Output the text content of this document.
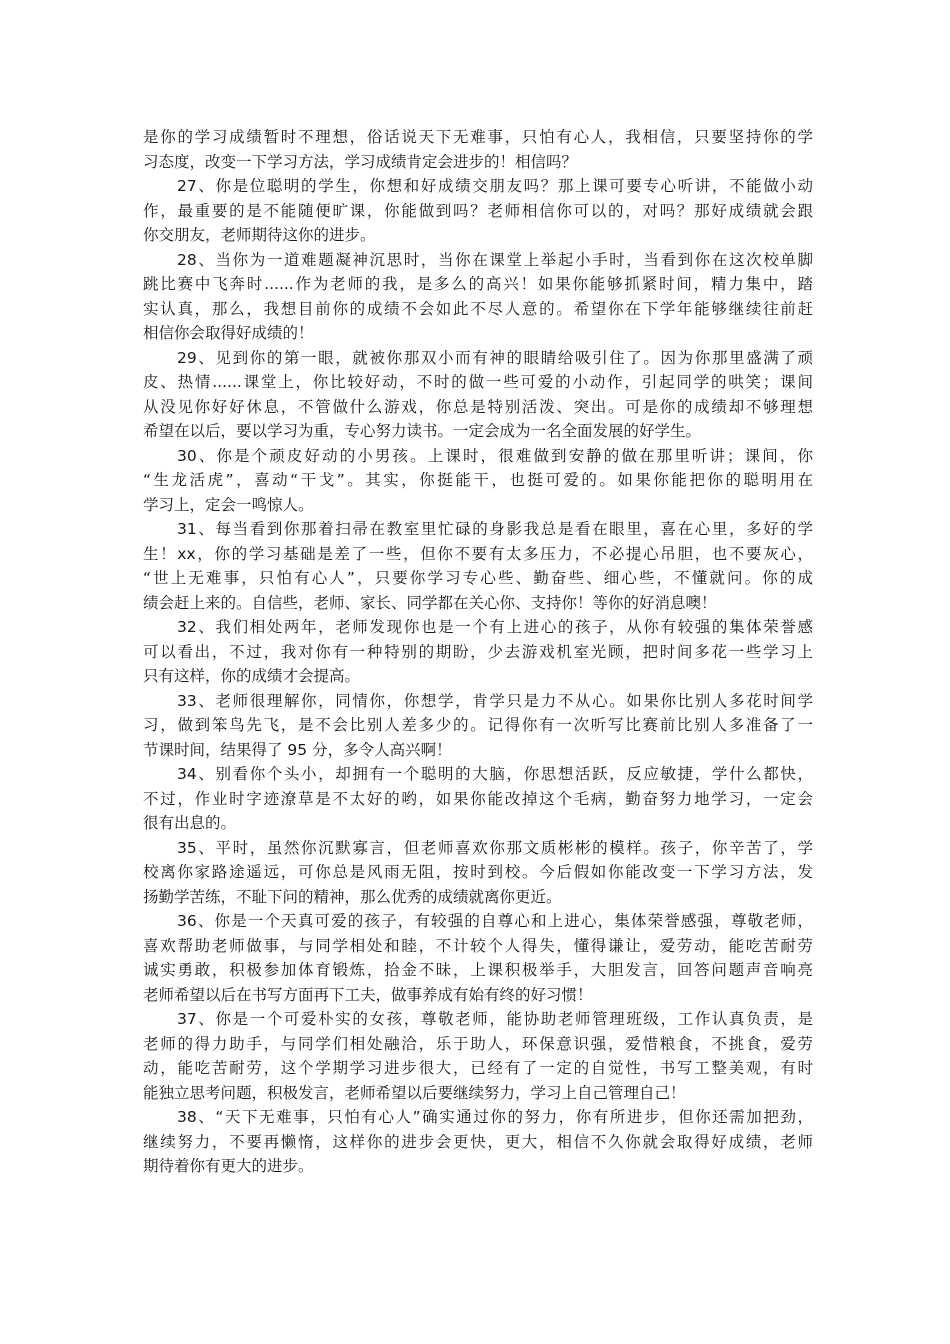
是你的学习成绩暂时不理想，俗话说天下无难事，只怕有心人，我相信，只要坚持你的学
习态度，改变一下学习方法，学习成绩肯定会进步的！相信吗？
27、你是位聪明的学生，你想和好成绩交朋友吗？那上课可要专心听讲，不能做小动
作，最重要的是不能随便旷课，你能做到吗？老师相信你可以的，对吗？那好成绩就会跟
你交朋友，老师期待这你的进步。
28、当你为一道难题凝神沉思时，当你在课堂上举起小手时，当看到你在这次校单脚
跳比赛中飞奔时......作为老师的我，是多么的高兴！如果你能够抓紧时间，精力集中，踏
实认真，那么，我想目前你的成绩不会如此不尽人意的。希望你在下学年能够继续往前赶
相信你会取得好成绩的！
29、见到你的第一眼，就被你那双小而有神的眼睛给吸引住了。因为你那里盛满了顽
皮、热情......课堂上，你比较好动，不时的做一些可爱的小动作，引起同学的哄笑；课间
从没见你好好休息，不管做什么游戏，你总是特别活泼、突出。可是你的成绩却不够理想
希望在以后，要以学习为重，专心努力读书。一定会成为一名全面发展的好学生。
30、你是个顽皮好动的小男孩。上课时，很难做到安静的做在那里听讲；课间，你
“生龙活虎”，喜动“干戈”。其实，你挺能干，也挺可爱的。如果你能把你的聪明用在
学习上，定会一鸣惊人。
31、每当看到你那着扫帚在教室里忙碌的身影我总是看在眼里，喜在心里，多好的学
生！xx，你的学习基础是差了一些，但你不要有太多压力，不必提心吊胆，也不要灰心，
“世上无难事，只怕有心人”，只要你学习专心些、勤奋些、细心些，不懂就问。你的成
绩会赶上来的。自信些，老师、家长、同学都在关心你、支持你！等你的好消息噢！
32、我们相处两年，老师发现你也是一个有上进心的孩子，从你有较强的集体荣誉感
可以看出，不过，我对你有一种特别的期盼，少去游戏机室光顾，把时间多花一些学习上
只有这样，你的成绩才会提高。
33、老师很理解你，同情你，你想学，肯学只是力不从心。如果你比别人多花时间学
习，做到笨鸟先飞，是不会比别人差多少的。记得你有一次听写比赛前比别人多准备了一
节课时间，结果得了 95 分，多令人高兴啊！
34、别看你个头小，却拥有一个聪明的大脑，你思想活跃，反应敏捷，学什么都快，
不过，作业时字迹潦草是不太好的哟，如果你能改掉这个毛病，勤奋努力地学习，一定会
很有出息的。
35、平时，虽然你沉默寡言，但老师喜欢你那文质彬彬的模样。孩子，你辛苦了，学
校离你家路途遥远，可你总是风雨无阻，按时到校。今后假如你能改变一下学习方法，发
扬勤学苦练，不耻下问的精神，那么优秀的成绩就离你更近。
36、你是一个天真可爱的孩子，有较强的自尊心和上进心，集体荣誉感强，尊敬老师，
喜欢帮助老师做事，与同学相处和睦，不计较个人得失，懂得谦让，爱劳动，能吃苦耐劳
诚实勇敢，积极参加体育锻炼，拾金不昧，上课积极举手，大胆发言，回答问题声音响亮
老师希望以后在书写方面再下工夫，做事养成有始有终的好习惯！
37、你是一个可爱朴实的女孩，尊敬老师，能协助老师管理班级，工作认真负责，是
老师的得力助手，与同学们相处融洽，乐于助人，环保意识强，爱惜粮食，不挑食，爱劳
动，能吃苦耐劳，这个学期学习进步很大，已经有了一定的自觉性，书写工整美观，有时
能独立思考问题，积极发言，老师希望以后要继续努力，学习上自己管理自己！
38、“天下无难事，只怕有心人”确实通过你的努力，你有所进步，但你还需加把劲，
继续努力，不要再懒惰，这样你的进步会更快，更大，相信不久你就会取得好成绩，老师
期待着你有更大的进步。
